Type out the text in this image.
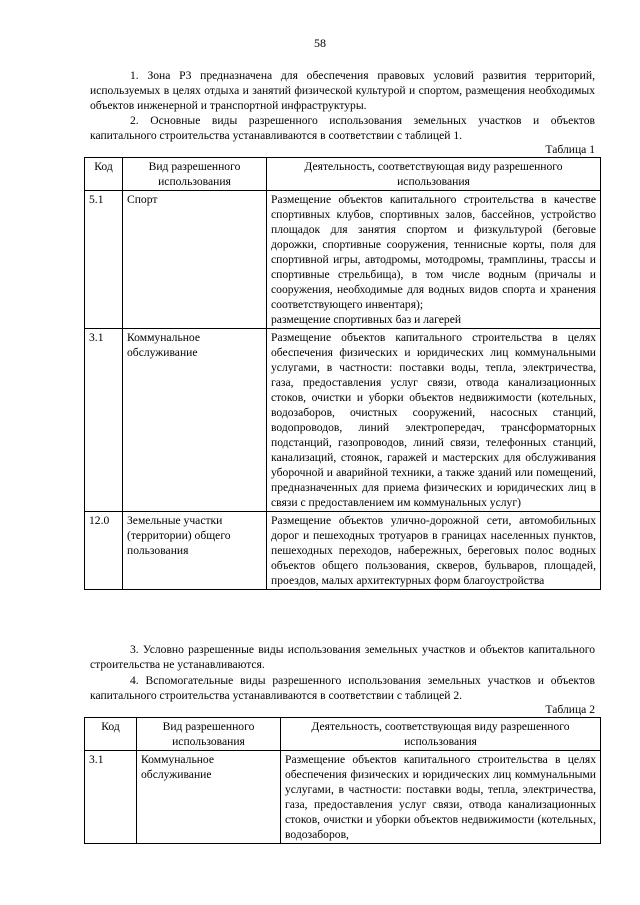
58

1. Зона Р3 предназначена для обеспечения правовых условий развития территорий, используемых в целях отдыха и занятий физической культурой и спортом, размещения необходимых объектов инженерной и транспортной инфраструктуры.

2. Основные виды разрешенного использования земельных участков и объектов капитального строительства устанавливаются в соответствии с таблицей 1.

Таблица 1
Код	Вид разрешенного использования	Деятельность, соответствующая виду разрешенного использования
5.1	Спорт	Размещение объектов капитального строительства в качестве спортивных клубов, спортивных залов, бассейнов, устройство площадок для занятия спортом и физкультурой (беговые дорожки, спортивные сооружения, теннисные корты, поля для спортивной игры, автодромы, мотодромы, трамплины, трассы и спортивные стрельбища), в том числе водным (причалы и сооружения, необходимые для водных видов спорта и хранения соответствующего инвентаря);
размещение спортивных баз и лагерей

3.1	Коммунальное обслуживание	Размещение объектов капитального строительства в целях обеспечения физических и юридических лиц коммунальными услугами, в частности: поставки воды, тепла, электричества, газа, предоставления услуг связи, отвода канализационных стоков, очистки и уборки объектов недвижимости (котельных, водозаборов, очистных сооружений, насосных станций, водопроводов, линий электропередач, трансформаторных подстанций, газопроводов, линий связи, телефонных станций, канализаций, стоянок, гаражей и мастерских для обслуживания уборочной и аварийной техники, а также зданий или помещений, предназначенных для приема физических и юридических лиц в связи с предоставлением им коммунальных услуг)
12.0	Земельные участки (территории) общего пользования	Размещение объектов улично-дорожной сети, автомобильных дорог и пешеходных тротуаров в границах населенных пунктов, пешеходных переходов, набережных, береговых полос водных объектов общего пользования, скверов, бульваров, площадей, проездов, малых архитектурных форм благоустройства

3. Условно разрешенные виды использования земельных участков и объектов капитального строительства не устанавливаются.

4. Вспомогательные виды разрешенного использования земельных участков и объектов капитального строительства устанавливаются в соответствии с таблицей 2.

Таблица 2
Код	Вид разрешенного использования	Деятельность, соответствующая виду разрешенного использования
3.1	Коммунальное обслуживание	Размещение объектов капитального строительства в целях обеспечения физических и юридических лиц коммунальными услугами, в частности: поставки воды, тепла, электричества, газа, предоставления услуг связи, отвода канализационных стоков, очистки и уборки объектов недвижимости (котельных, водозаборов,
